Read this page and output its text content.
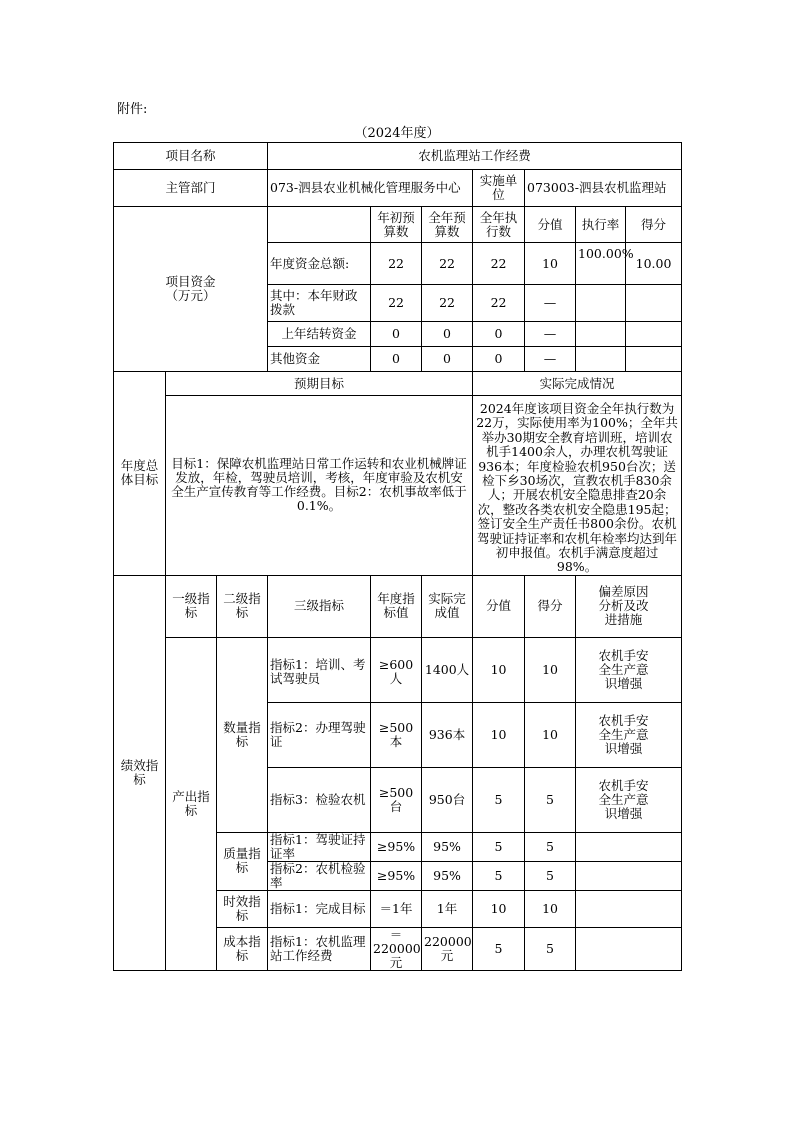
附件:
（2024年度）
项目名称			农机监理站工作经费						
主管部门			073-泗县农业机械化管理服务中心			实施单位	073003-泗县农机监理站		
项目资金
（万元）				年初预算数	全年预算数	全年执行数	分值	执行率	得分
			年度资金总额:	22	22	22	10	100.00%	10.00
			其中：本年财政拨款	22	22	22	—		
			上年结转资金	0	0	0	—		
			其他资金	0	0	0	—		
年度总体目标	预期目标					实际完成情况			
	目标1：保障农机监理站日常工作运转和农业机械牌证发放，年检，驾驶员培训，考核，年度审验及农机安全生产宣传教育等工作经费。目标2：农机事故率低于0.1%。					2024年度该项目资金全年执行数为22万，实际使用率为100%；全年共举办30期安全教育培训班，培训农机手1400余人，办理农机驾驶证936本；年度检验农机950台次；送检下乡30场次，宣教农机手830余人；开展农机安全隐患排查20余次，整改各类农机安全隐患195起；签订安全生产责任书800余份。农机驾驶证持证率和农机年检率均达到年初申报值。农机手满意度超过98%。			
绩效指标	一级指标	二级指标	三级指标	年度指标值	实际完成值	分值	得分	偏差原因分析及改进措施	
	产出指标	数量指标	指标1：培训、考试驾驶员	≥600人	1400人	10	10	农机手安全生产意识增强	
			指标2：办理驾驶证	≥500本	936本	10	10	农机手安全生产意识增强	
			指标3：检验农机	≥500台	950台	5	5	农机手安全生产意识增强	
		质量指标	指标1：驾驶证持证率	≥95%	95%	5	5		
			指标2：农机检验率	≥95%	95%	5	5		
		时效指标	指标1：完成目标	＝1年	1年	10	10		
		成本指标	指标1：农机监理站工作经费	＝220000元	220000元	5	5		
